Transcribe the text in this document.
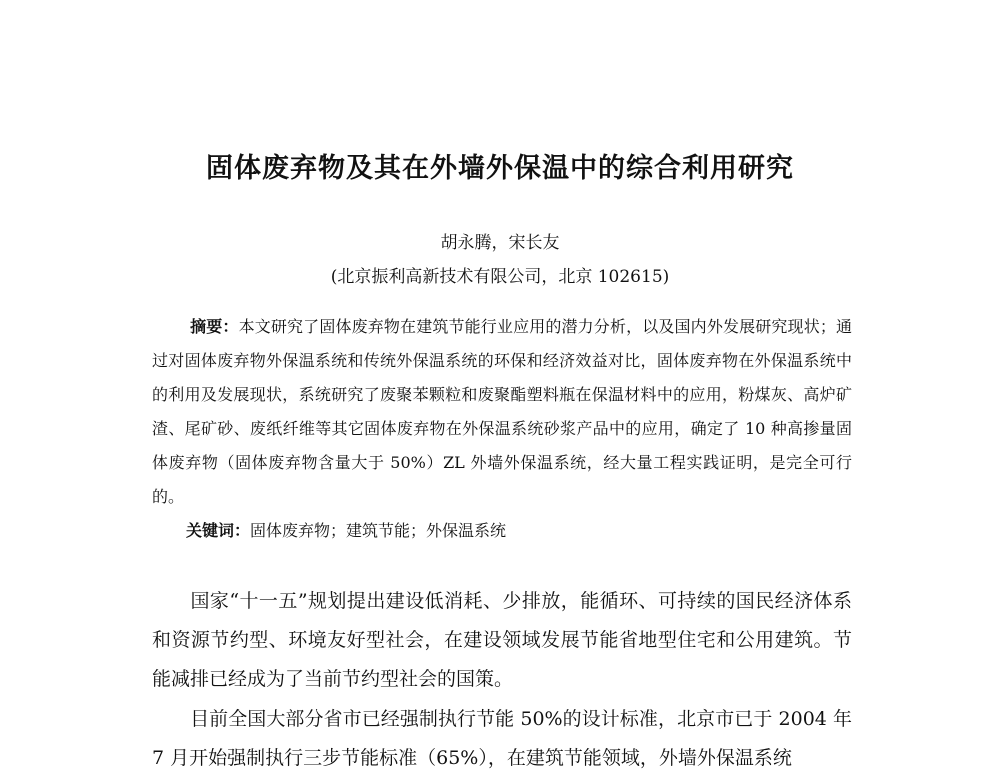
固体废弃物及其在外墙外保温中的综合利用研究
胡永腾，宋长友
(北京振利高新技术有限公司，北京 102615)
摘要：本文研究了固体废弃物在建筑节能行业应用的潜力分析，以及国内外发展研究现状；通过对固体废弃物外保温系统和传统外保温系统的环保和经济效益对比，固体废弃物在外保温系统中的利用及发展现状，系统研究了废聚苯颗粒和废聚酯塑料瓶在保温材料中的应用，粉煤灰、高炉矿渣、尾矿砂、废纸纤维等其它固体废弃物在外保温系统砂浆产品中的应用，确定了 10 种高掺量固体废弃物（固体废弃物含量大于 50%）ZL 外墙外保温系统，经大量工程实践证明，是完全可行的。
关键词：固体废弃物；建筑节能；外保温系统
国家“十一五”规划提出建设低消耗、少排放，能循环、可持续的国民经济体系和资源节约型、环境友好型社会，在建设领域发展节能省地型住宅和公用建筑。节能减排已经成为了当前节约型社会的国策。
目前全国大部分省市已经强制执行节能 50%的设计标准，北京市已于 2004 年 7 月开始强制执行三步节能标准（65%），在建筑节能领域，外墙外保温系统
